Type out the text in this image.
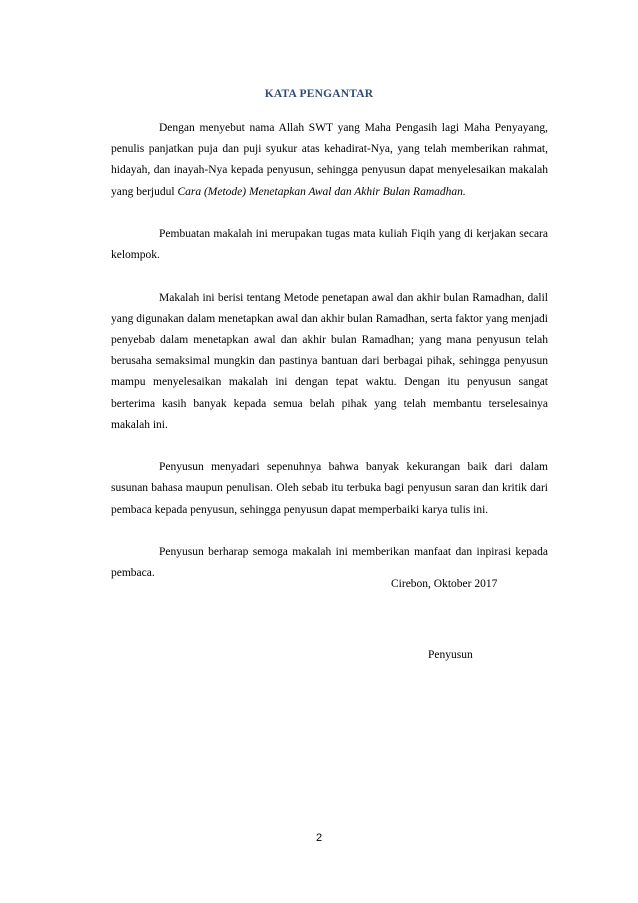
KATA PENGANTAR

Dengan menyebut nama Allah SWT yang Maha Pengasih lagi Maha Penyayang, penulis panjatkan puja dan puji syukur atas kehadirat-Nya, yang telah memberikan rahmat, hidayah, dan inayah-Nya kepada penyusun, sehingga penyusun dapat menyelesaikan makalah yang berjudul Cara (Metode) Menetapkan Awal dan Akhir Bulan Ramadhan.

Pembuatan makalah ini merupakan tugas mata kuliah Fiqih yang di kerjakan secara kelompok.

Makalah ini berisi tentang Metode penetapan awal dan akhir bulan Ramadhan, dalil yang digunakan dalam menetapkan awal dan akhir bulan Ramadhan, serta faktor yang menjadi penyebab dalam menetapkan awal dan akhir bulan Ramadhan; yang mana penyusun telah berusaha semaksimal mungkin dan pastinya bantuan dari berbagai pihak, sehingga penyusun mampu menyelesaikan makalah ini dengan tepat waktu. Dengan itu penyusun sangat berterima kasih banyak kepada semua belah pihak yang telah membantu terselesainya makalah ini.

Penyusun menyadari sepenuhnya bahwa banyak kekurangan baik dari dalam susunan bahasa maupun penulisan. Oleh sebab itu terbuka bagi penyusun saran dan kritik dari pembaca kepada penyusun, sehingga penyusun dapat memperbaiki karya tulis ini.

Penyusun berharap semoga makalah ini memberikan manfaat dan inpirasi kepada pembaca.

Cirebon, Oktober 2017
Penyusun
2
